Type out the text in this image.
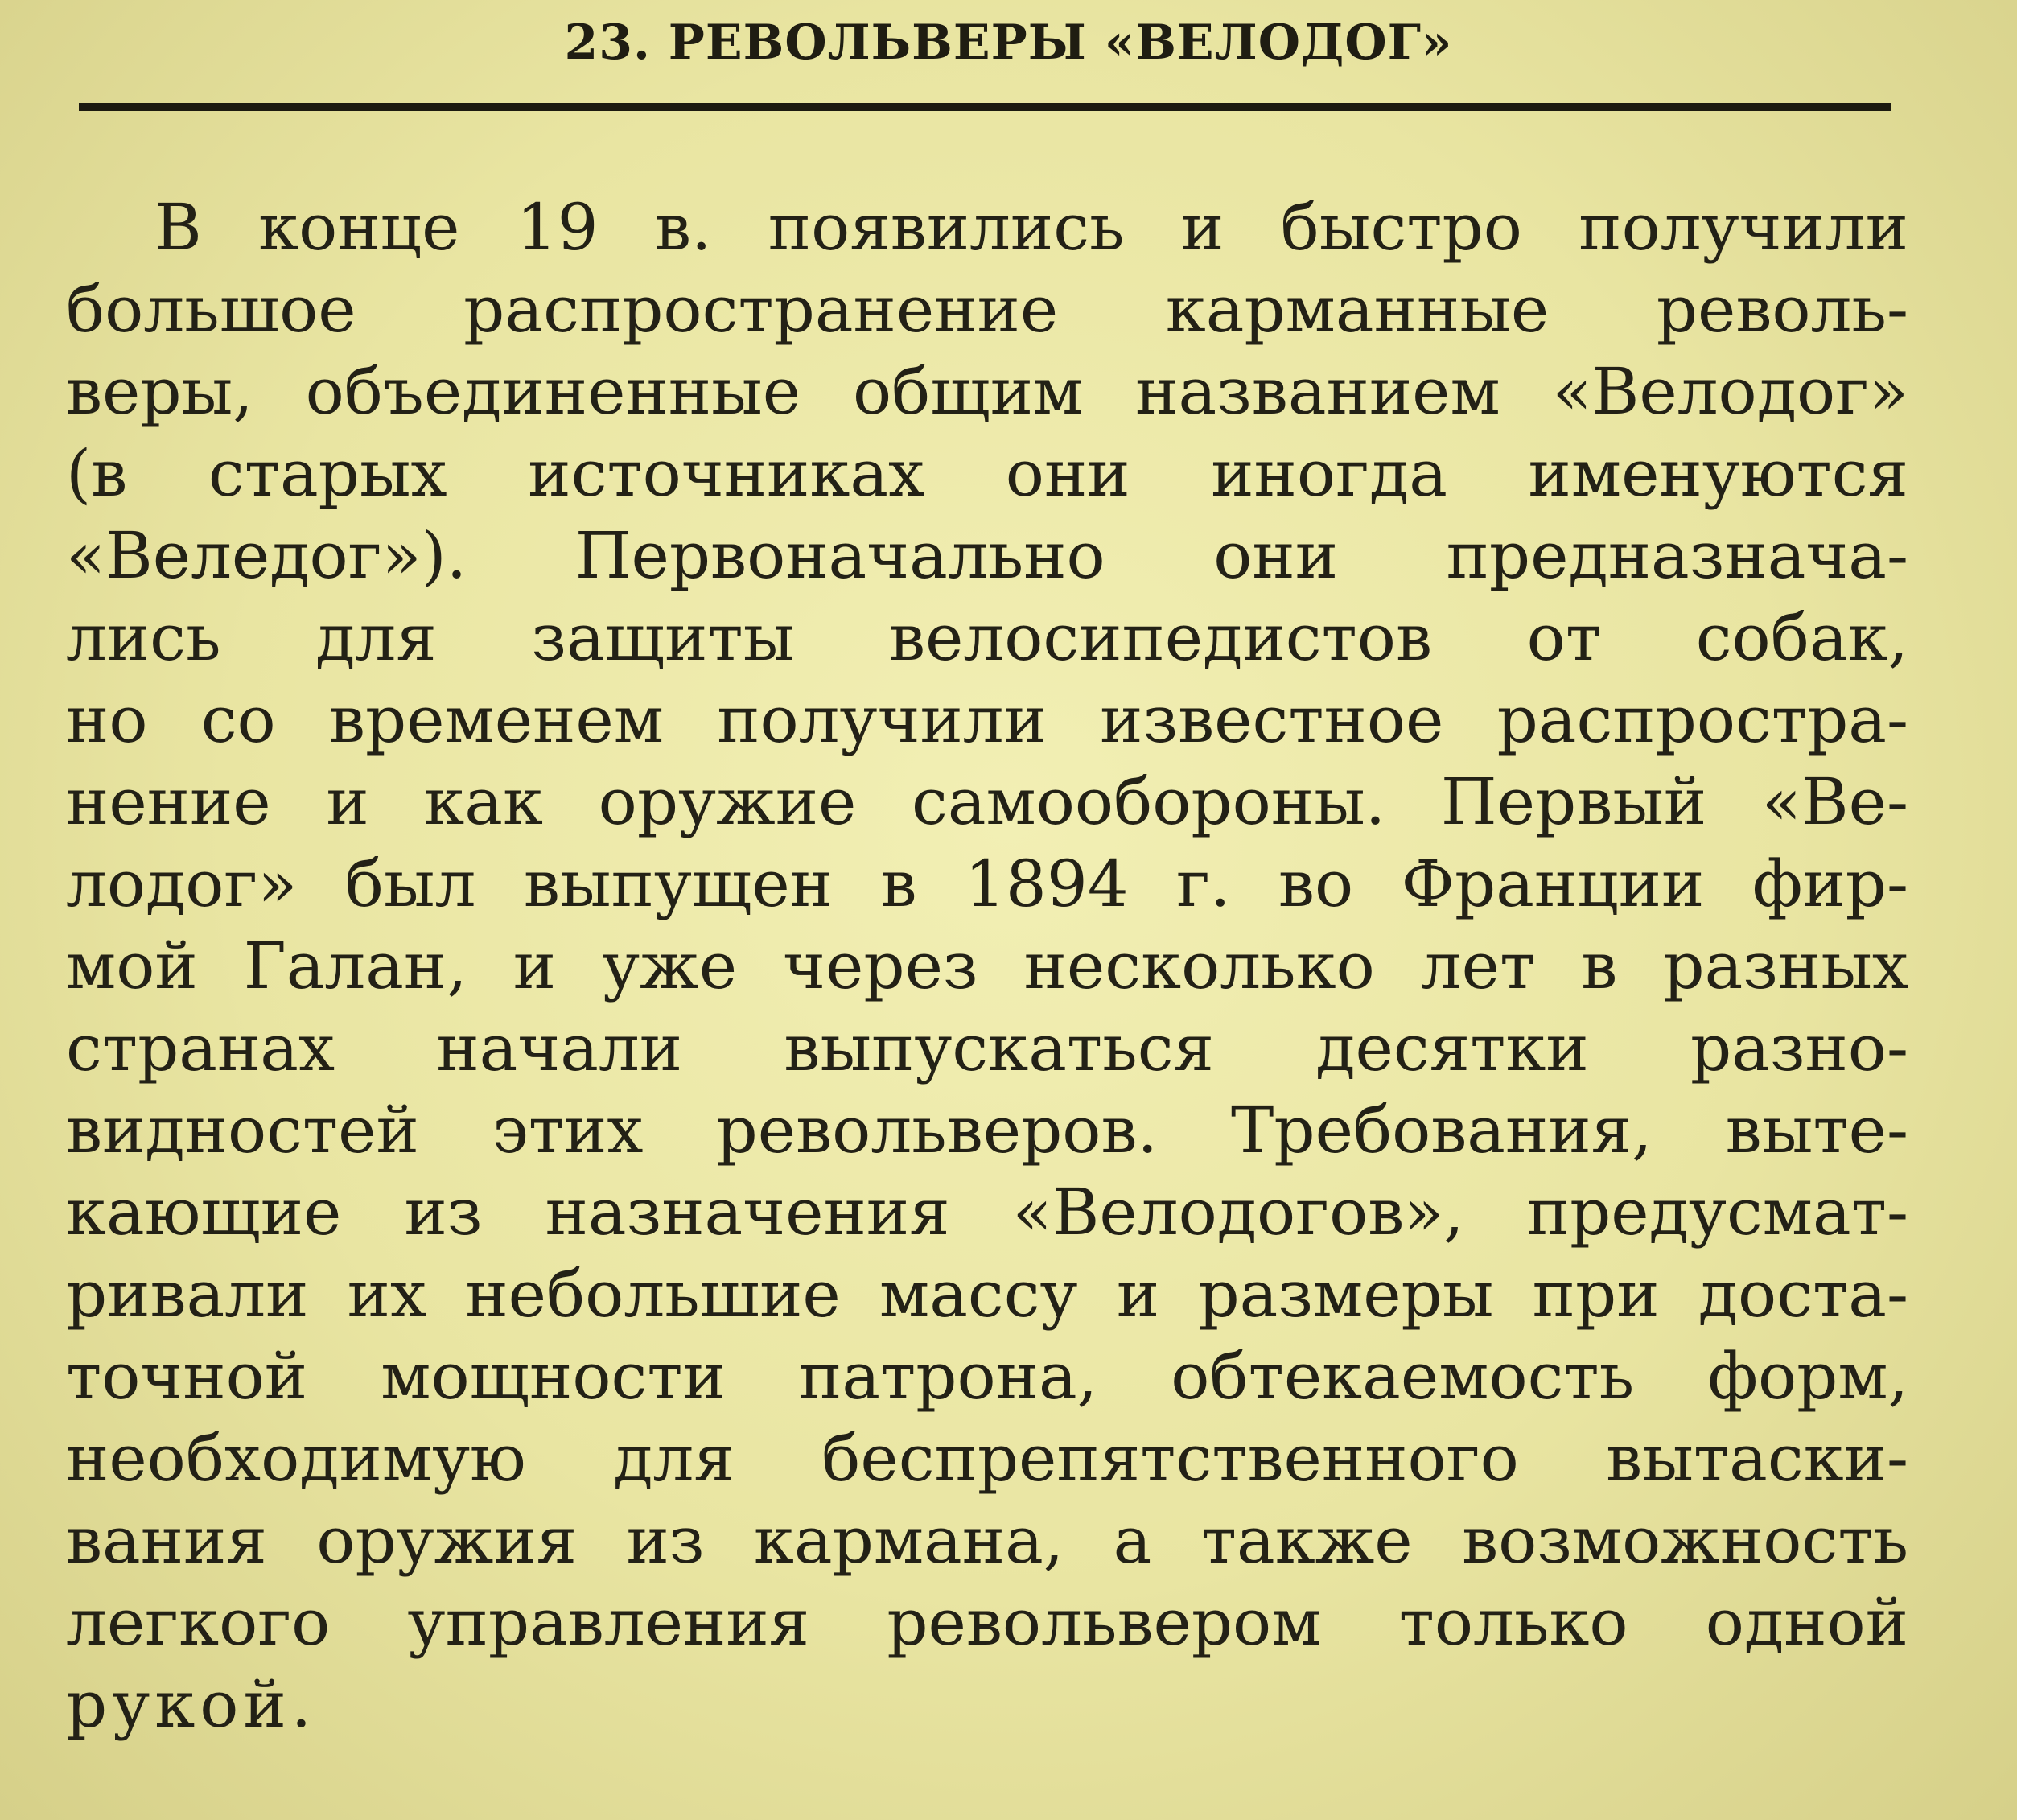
23. РЕВОЛЬВЕРЫ «ВЕЛОДОГ»
В конце 19 в. появились и быстро получили
большое распространение карманные револь-
веры, объединенные общим названием «Велодог»
(в старых источниках они иногда именуются
«Веледог»). Первоначально они предназнача-
лись для защиты велосипедистов от собак,
но со временем получили известное распростра-
нение и как оружие самообороны. Первый «Ве-
лодог» был выпущен в 1894 г. во Франции фир-
мой Галан, и уже через несколько лет в разных
странах начали выпускаться десятки разно-
видностей этих револьверов. Требования, выте-
кающие из назначения «Велодогов», предусмат-
ривали их небольшие массу и размеры при доста-
точной мощности патрона, обтекаемость форм,
необходимую для беспрепятственного вытаски-
вания оружия из кармана, а также возможность
легкого управления револьвером только одной
рукой.
